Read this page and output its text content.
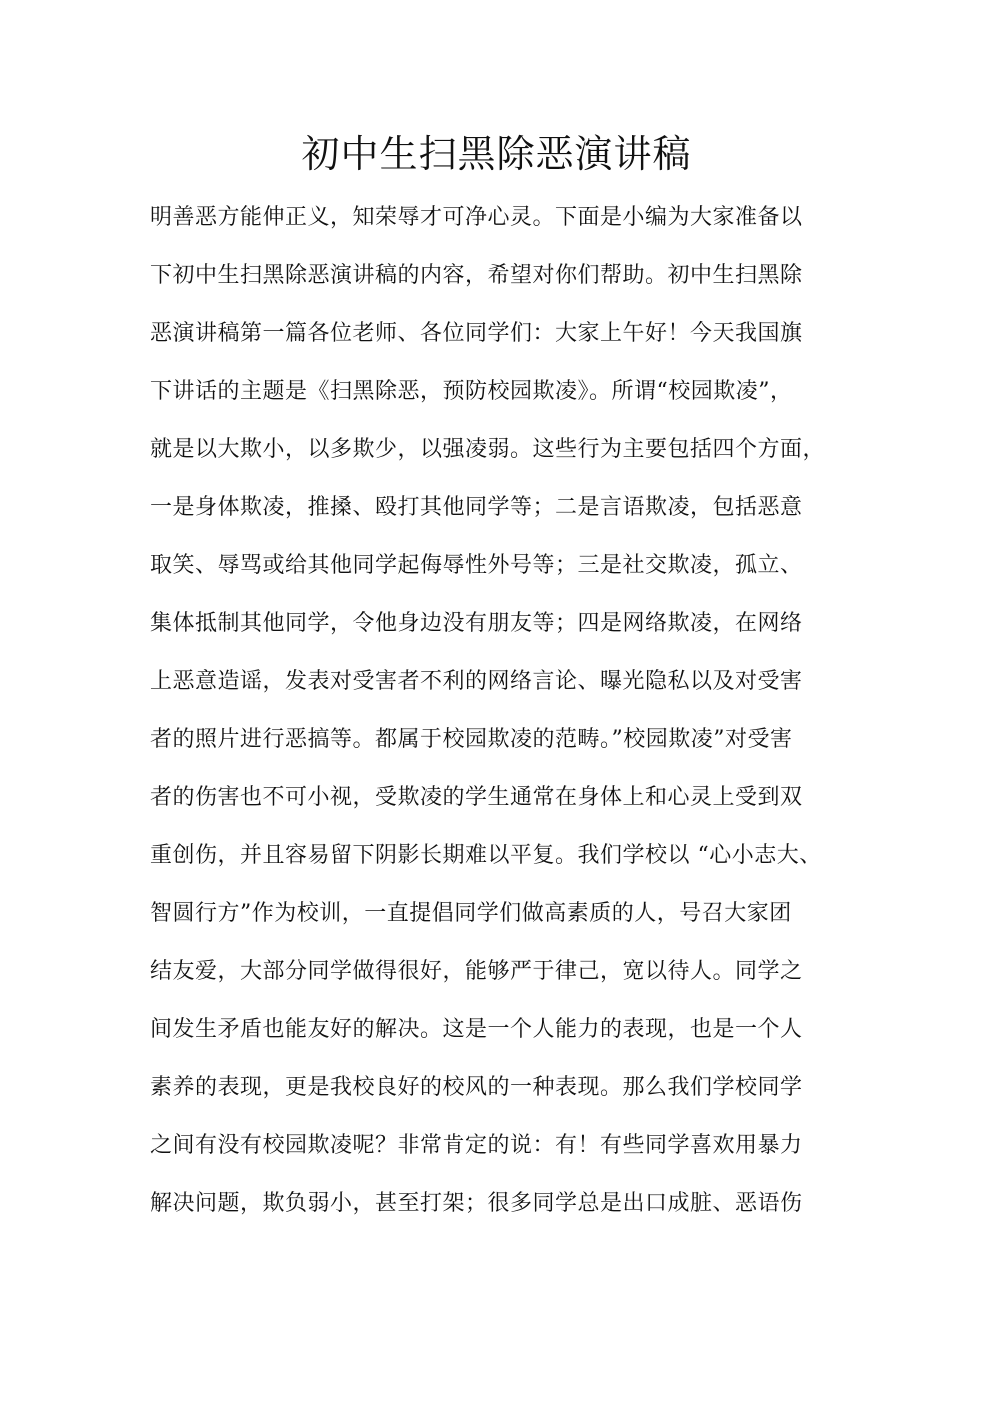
初中生扫黑除恶演讲稿
明善恶方能伸正义，知荣辱才可净心灵。下面是小编为大家准备以
下初中生扫黑除恶演讲稿的内容，希望对你们帮助。初中生扫黑除
恶演讲稿第一篇各位老师、各位同学们：大家上午好！今天我国旗
下讲话的主题是《扫黑除恶，预防校园欺凌》。所谓“校园欺凌”，
就是以大欺小，以多欺少，以强凌弱。这些行为主要包括四个方面，
一是身体欺凌，推搡、殴打其他同学等；二是言语欺凌，包括恶意
取笑、辱骂或给其他同学起侮辱性外号等；三是社交欺凌，孤立、
集体抵制其他同学，令他身边没有朋友等；四是网络欺凌，在网络
上恶意造谣，发表对受害者不利的网络言论、曝光隐私以及对受害
者的照片进行恶搞等。都属于校园欺凌的范畴。”校园欺凌”对受害
者的伤害也不可小视，受欺凌的学生通常在身体上和心灵上受到双
重创伤，并且容易留下阴影长期难以平复。我们学校以 “心小志大、
智圆行方”作为校训，一直提倡同学们做高素质的人，号召大家团
结友爱，大部分同学做得很好，能够严于律己，宽以待人。同学之
间发生矛盾也能友好的解决。这是一个人能力的表现，也是一个人
素养的表现，更是我校良好的校风的一种表现。那么我们学校同学
之间有没有校园欺凌呢？非常肯定的说：有！有些同学喜欢用暴力
解决问题，欺负弱小，甚至打架；很多同学总是出口成脏、恶语伤
